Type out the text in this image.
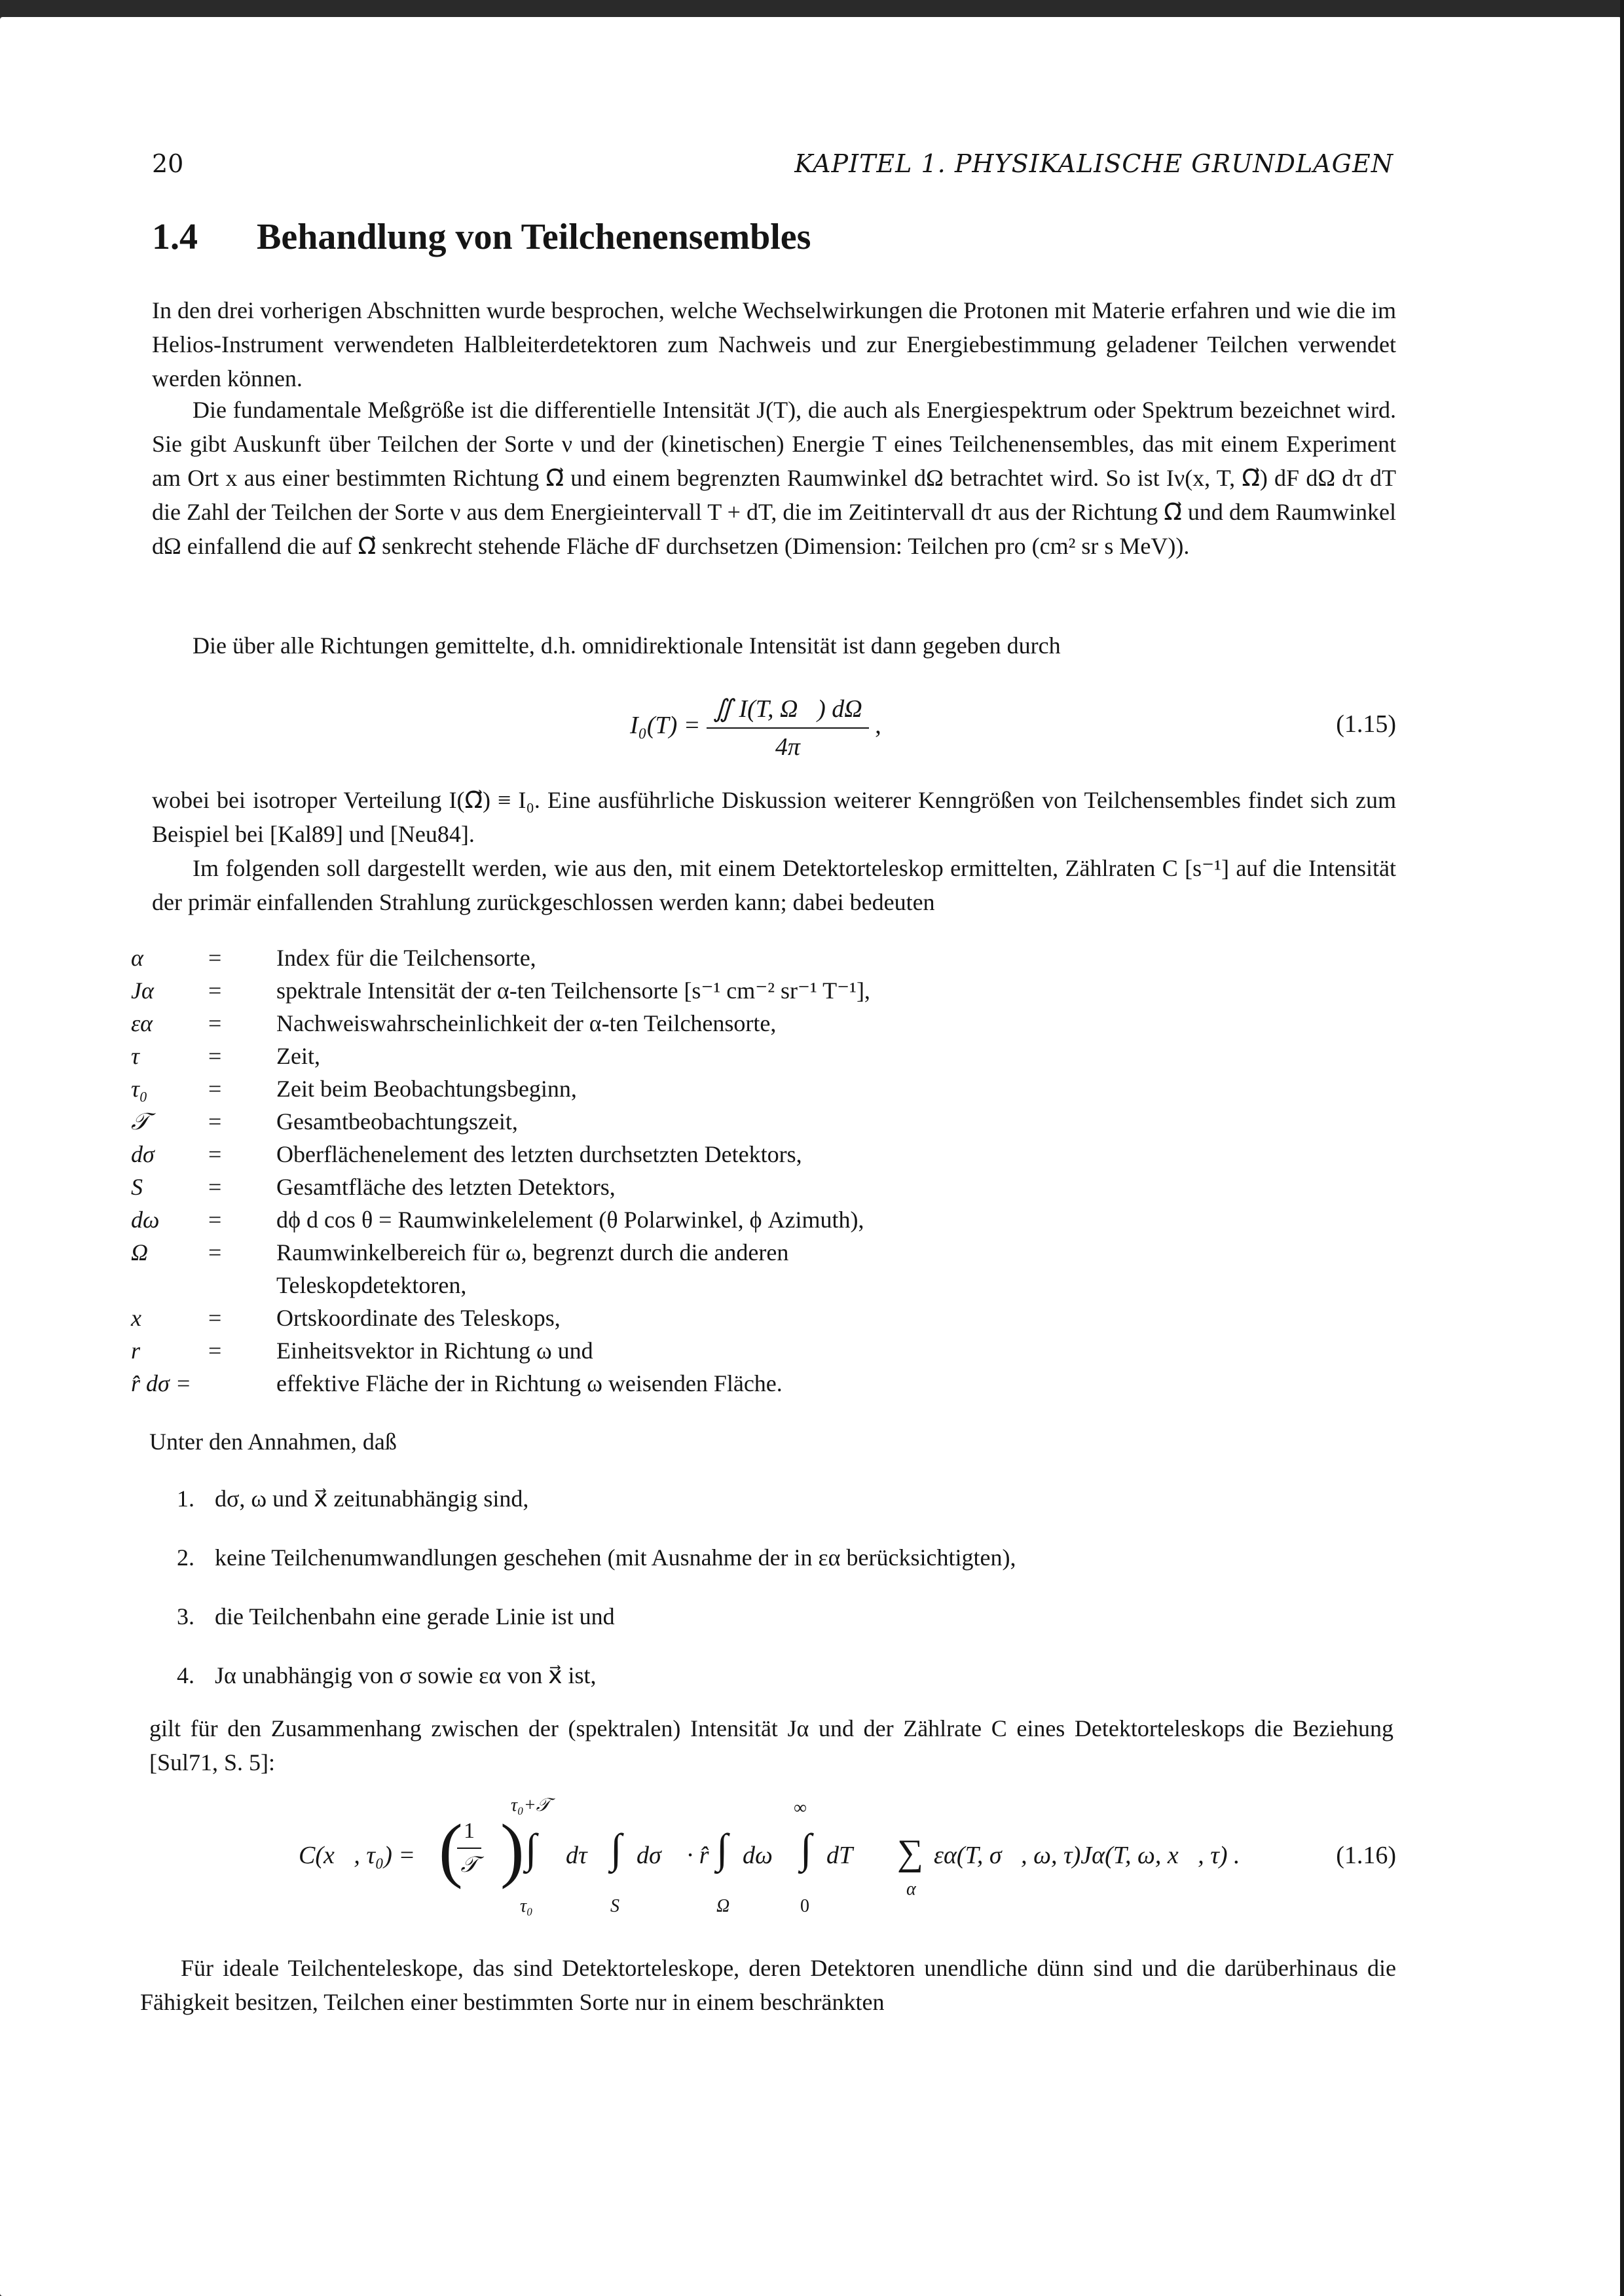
20	KAPITEL 1. PHYSIKALISCHE GRUNDLAGEN
1.4 Behandlung von Teilchenensembles
In den drei vorherigen Abschnitten wurde besprochen, welche Wechselwirkungen die Protonen mit Materie erfahren und wie die im Helios-Instrument verwendeten Halbleiterdetektoren zum Nachweis und zur Energiebestimmung geladener Teilchen verwendet werden können.
Die fundamentale Meßgröße ist die differentielle Intensität J(T), die auch als Energiespektrum oder Spektrum bezeichnet wird. Sie gibt Auskunft über Teilchen der Sorte ν und der (kinetischen) Energie T eines Teilchenensembles, das mit einem Experiment am Ort x aus einer bestimmten Richtung Ω⃗ und einem begrenzten Raumwinkel dΩ betrachtet wird. So ist Iν(x, T, Ω⃗) dF dΩ dτ dT die Zahl der Teilchen der Sorte ν aus dem Energieintervall T + dT, die im Zeitintervall dτ aus der Richtung Ω⃗ und dem Raumwinkel dΩ einfallend die auf Ω⃗ senkrecht stehende Fläche dF durchsetzen (Dimension: Teilchen pro (cm² sr s MeV)).
Die über alle Richtungen gemittelte, d.h. omnidirektionale Intensität ist dann gegeben durch
$I_0(T) = \frac{∬ I(T, \Omega⃗) d\Omega}{4\pi}$ ,	(1.15)
wobei bei isotroper Verteilung I(Ω⃗) ≡ I₀. Eine ausführliche Diskussion weiterer Kenngrößen von Teilchensembles findet sich zum Beispiel bei [Kal89] und [Neu84].
Im folgenden soll dargestellt werden, wie aus den, mit einem Detektorteleskop ermittelten, Zählraten C [s⁻¹] auf die Intensität der primär einfallenden Strahlung zurückgeschlossen werden kann; dabei bedeuten
α	= Index für die Teilchensorte,
Jα = spektrale Intensität der α-ten Teilchensorte [s⁻¹ cm⁻² sr⁻¹ T⁻¹],
εα = Nachweiswahrscheinlichkeit der α-ten Teilchensorte,
τ	= Zeit,
τ₀	= Zeit beim Beobachtungsbeginn,
𝒯	= Gesamtbeobachtungszeit,
dσ⃗ = Oberflächenelement des letzten durchsetzten Detektors,
S	= Gesamtfläche des letzten Detektors,
dω = dϕ d cos θ = Raumwinkelelement (θ Polarwinkel, ϕ Azimuth),
Ω	= Raumwinkelbereich für ω, begrenzt durch die anderen
Teleskopdetektoren,
x⃗ = Ortskoordinate des Teleskops,
r⃗ = Einheitsvektor in Richtung ω und
r̂ dσ =	effektive Fläche der in Richtung ω weisenden Fläche.
Unter den Annahmen, daß
1. dσ, ω und x⃗ zeitunabhängig sind,
2. keine Teilchenumwandlungen geschehen (mit Ausnahme der in εα berücksichtigten),
3. die Teilchenbahn eine gerade Linie ist und
4. Jα unabhängig von σ sowie εα von x⃗ ist,
gilt für den Zusammenhang zwischen der (spektralen) Intensität Jα und der Zählrate C eines Detektorteleskops die Beziehung [Sul71, S. 5]:
C(x⃗, τ₀) = ( 1
𝒯 )
τ₀+𝒯
∫
τ₀
dτ ∫
S
dσ⃗ · r̂ ∫
Ω
dω
∞
∫
0
dT ∑
α
εα(T, σ⃗, ω, τ)Jα(T, ω, x⃗, τ) .	(1.16)
Für ideale Teilchenteleskope, das sind Detektorteleskope, deren Detektoren unendliche dünn sind und die darüberhinaus die Fähigkeit besitzen, Teilchen einer bestimmten Sorte nur in einem beschränkten
